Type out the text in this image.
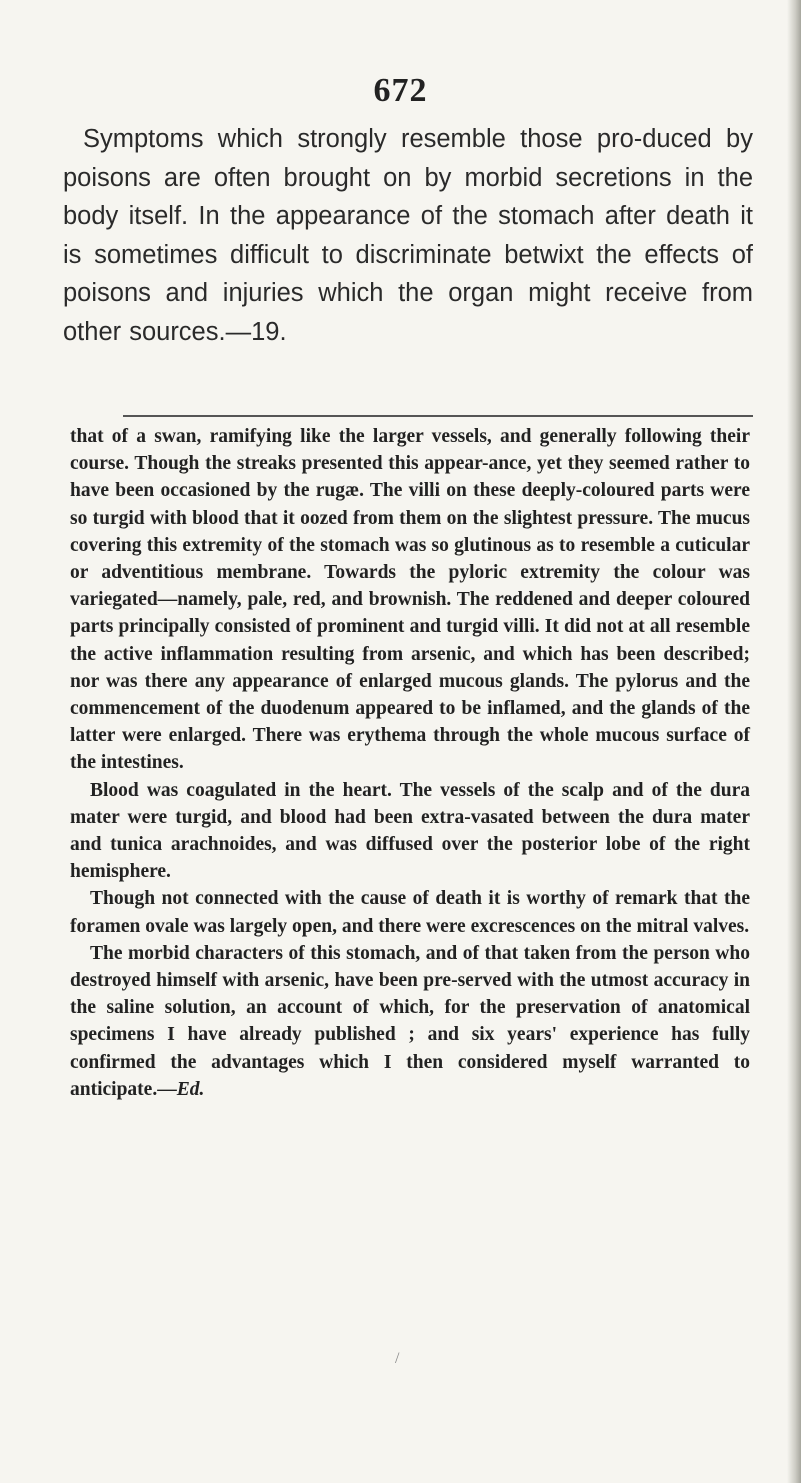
672

Symptoms which strongly resemble those pro-duced by poisons are often brought on by morbid secretions in the body itself. In the appearance of the stomach after death it is sometimes difficult to discriminate betwixt the effects of poisons and injuries which the organ might receive from other sources.—19.

that of a swan, ramifying like the larger vessels, and generally following their course. Though the streaks presented this appear-ance, yet they seemed rather to have been occasioned by the rugæ. The villi on these deeply-coloured parts were so turgid with blood that it oozed from them on the slightest pressure. The mucus covering this extremity of the stomach was so glutinous as to resemble a cuticular or adventitious membrane. Towards the pyloric extremity the colour was variegated—namely, pale, red, and brownish. The reddened and deeper coloured parts principally consisted of prominent and turgid villi. It did not at all resemble the active inflammation resulting from arsenic, and which has been described; nor was there any appearance of enlarged mucous glands. The pylorus and the commencement of the duodenum appeared to be inflamed, and the glands of the latter were enlarged. There was erythema through the whole mucous surface of the intestines.

Blood was coagulated in the heart. The vessels of the scalp and of the dura mater were turgid, and blood had been extra-vasated between the dura mater and tunica arachnoides, and was diffused over the posterior lobe of the right hemisphere.

Though not connected with the cause of death it is worthy of remark that the foramen ovale was largely open, and there were excrescences on the mitral valves.

The morbid characters of this stomach, and of that taken from the person who destroyed himself with arsenic, have been pre-served with the utmost accuracy in the saline solution, an account of which, for the preservation of anatomical specimens I have already published ; and six years' experience has fully confirmed the advantages which I then considered myself warranted to anticipate.—Ed.

/
